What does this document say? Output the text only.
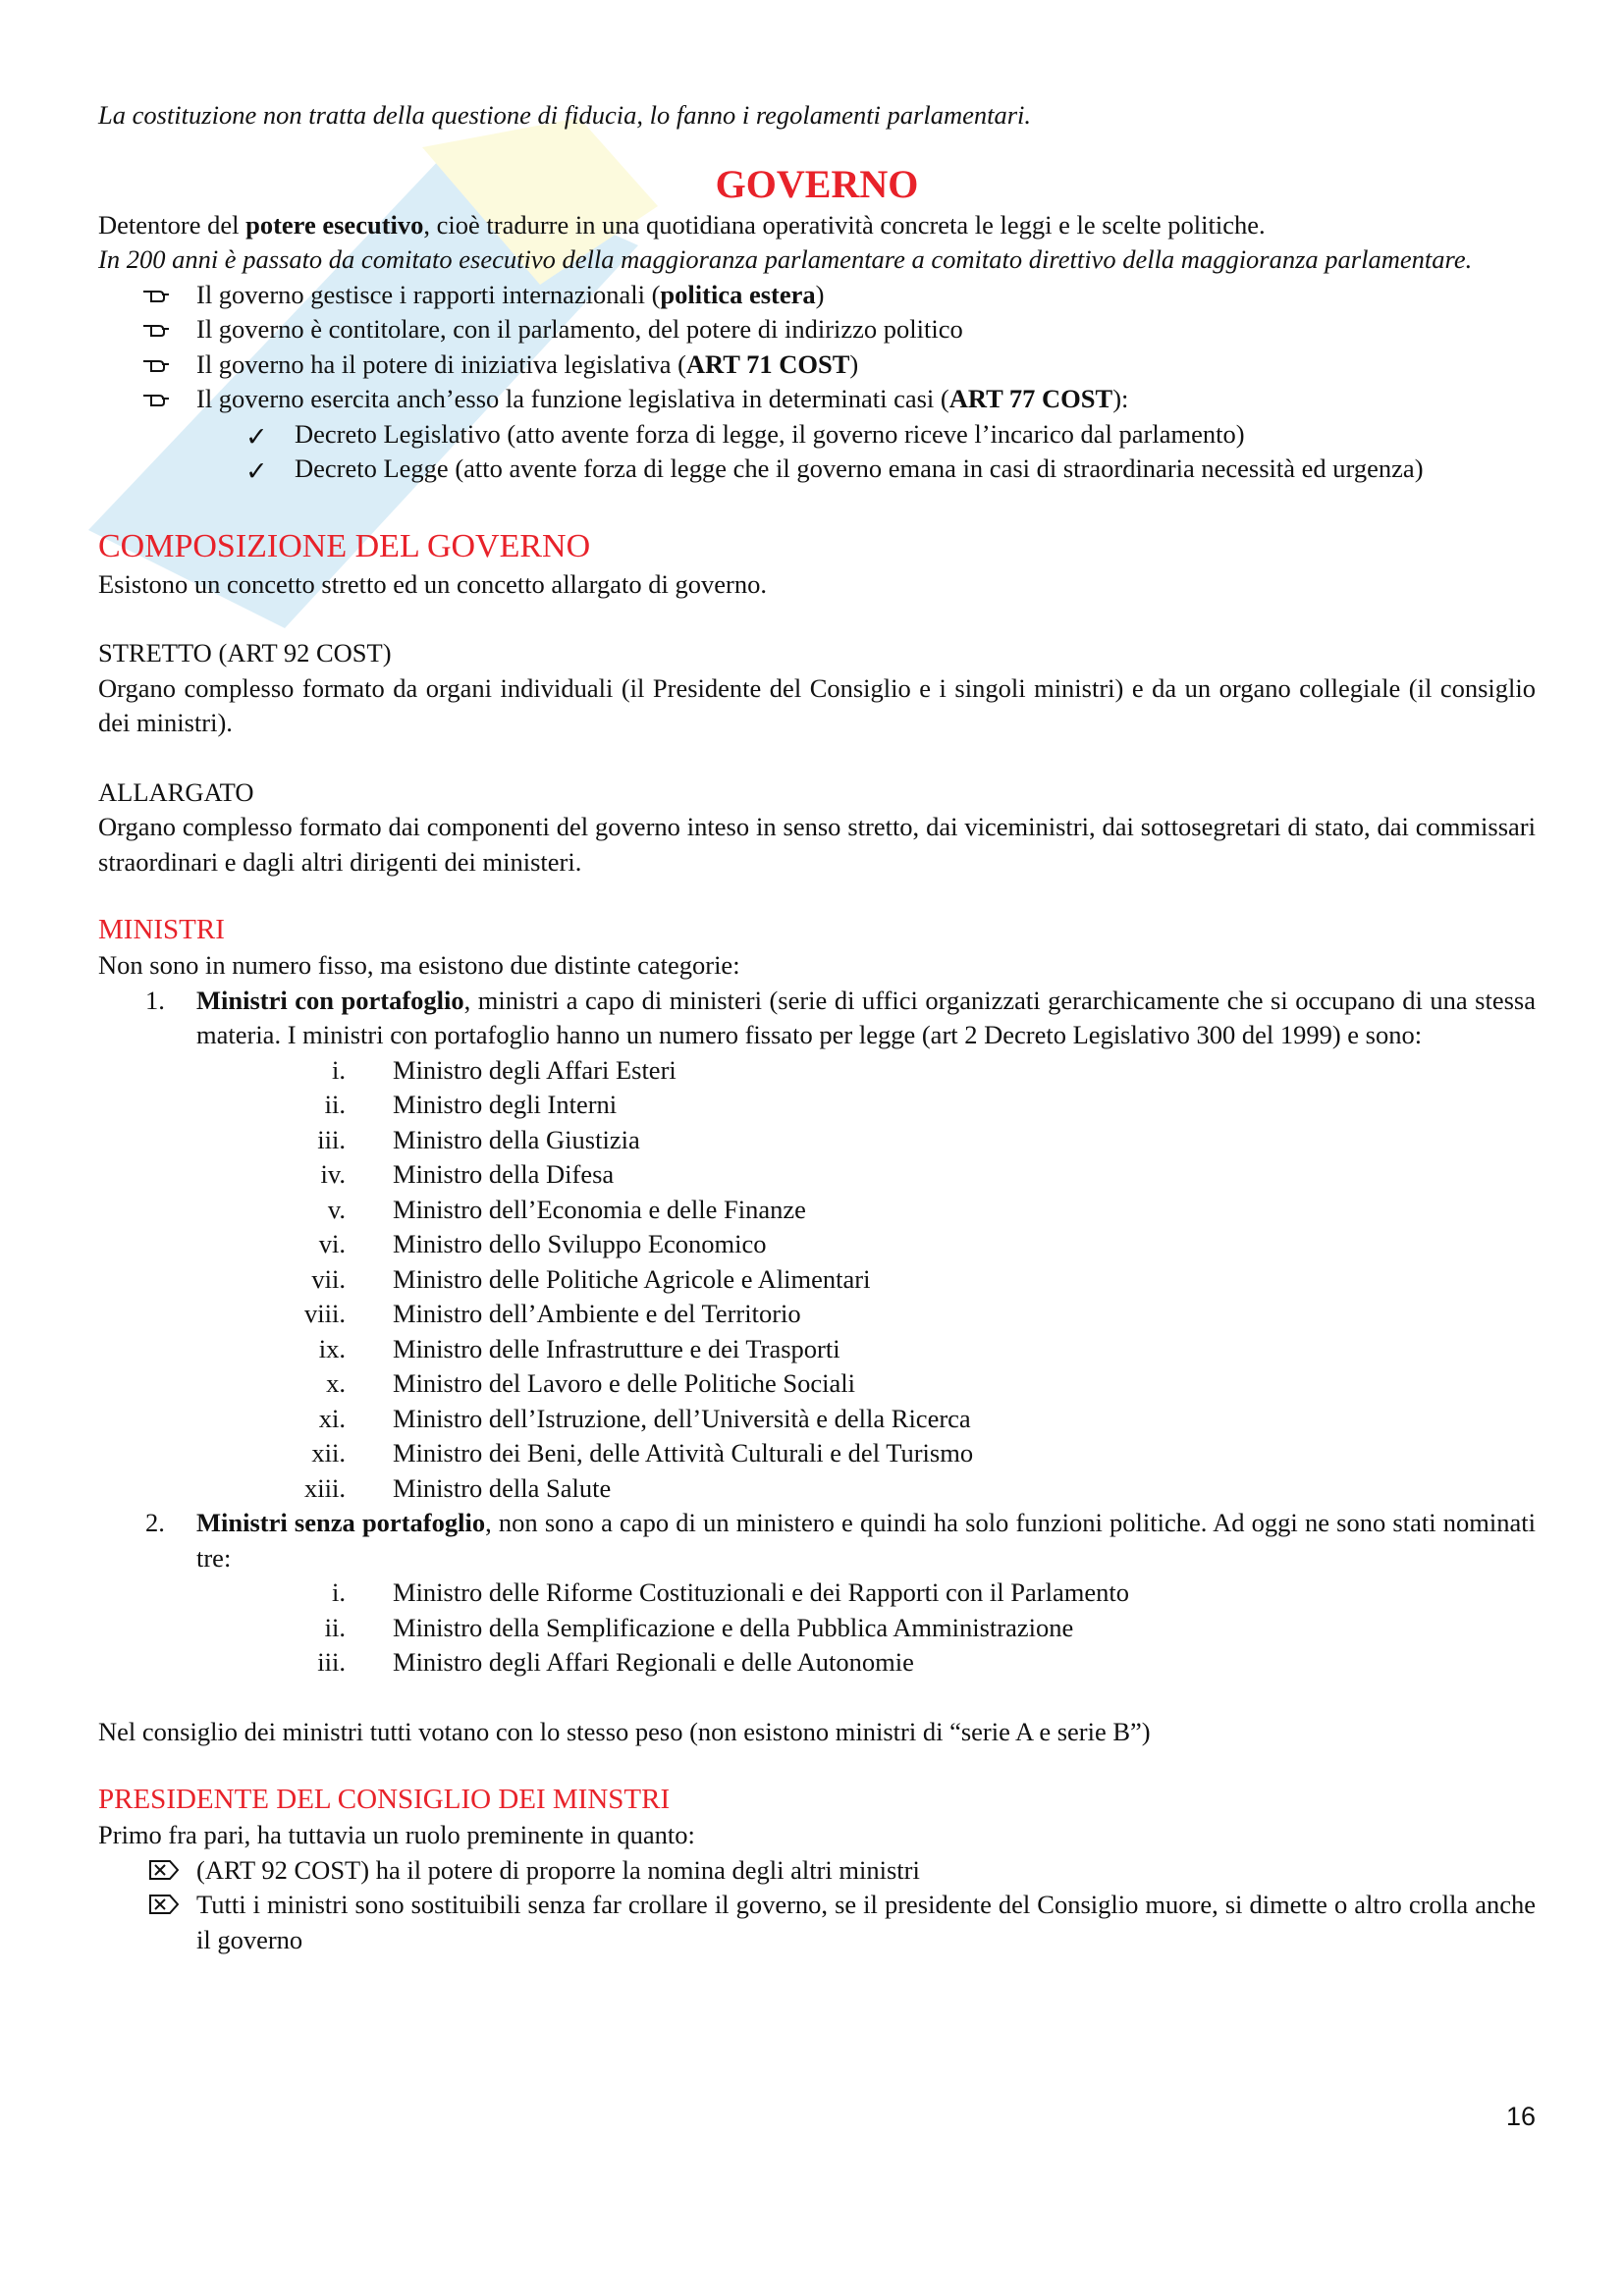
La costituzione non tratta della questione di fiducia, lo fanno i regolamenti parlamentari.

GOVERNO

Detentore del potere esecutivo, cioè tradurre in una quotidiana operatività concreta le leggi e le scelte politiche.

In 200 anni è passato da comitato esecutivo della maggioranza parlamentare a comitato direttivo della maggioranza parlamentare.

Il governo gestisce i rapporti internazionali (politica estera)
Il governo è contitolare, con il parlamento, del potere di indirizzo politico
Il governo ha il potere di iniziativa legislativa (ART 71 COST)
Il governo esercita anch’esso la funzione legislativa in determinati casi (ART 77 COST):
✓ Decreto Legislativo (atto avente forza di legge, il governo riceve l’incarico dal parlamento)
✓ Decreto Legge (atto avente forza di legge che il governo emana in casi di straordinaria necessità ed urgenza)
COMPOSIZIONE DEL GOVERNO

Esistono un concetto stretto ed un concetto allargato di governo.

STRETTO (ART 92 COST)

Organo complesso formato da organi individuali (il Presidente del Consiglio e i singoli ministri) e da un organo collegiale (il consiglio dei ministri).

ALLARGATO

Organo complesso formato dai componenti del governo inteso in senso stretto, dai viceministri, dai sottosegretari di stato, dai commissari straordinari e dagli altri dirigenti dei ministeri.

MINISTRI

Non sono in numero fisso, ma esistono due distinte categorie:

1.	Ministri con portafoglio, ministri a capo di ministeri (serie di uffici organizzati gerarchicamente che si occupano di una stessa materia. I ministri con portafoglio hanno un numero fissato per legge (art 2 Decreto Legislativo 300 del 1999) e sono:
i. Ministro degli Affari Esteri
ii. Ministro degli Interni
iii. Ministro della Giustizia
iv. Ministro della Difesa
v. Ministro dell’Economia e delle Finanze
vi. Ministro dello Sviluppo Economico
vii. Ministro delle Politiche Agricole e Alimentari
viii. Ministro dell’Ambiente e del Territorio
ix. Ministro delle Infrastrutture e dei Trasporti
x. Ministro del Lavoro e delle Politiche Sociali
xi. Ministro dell’Istruzione, dell’Università e della Ricerca
xii. Ministro dei Beni, delle Attività Culturali e del Turismo
xiii. Ministro della Salute
2.	Ministri senza portafoglio, non sono a capo di un ministero e quindi ha solo funzioni politiche. Ad oggi ne sono stati nominati tre:
i. Ministro delle Riforme Costituzionali e dei Rapporti con il Parlamento
ii. Ministro della Semplificazione e della Pubblica Amministrazione
iii. Ministro degli Affari Regionali e delle Autonomie

Nel consiglio dei ministri tutti votano con lo stesso peso (non esistono ministri di “serie A e serie B”)

PRESIDENTE DEL CONSIGLIO DEI MINSTRI

Primo fra pari, ha tuttavia un ruolo preminente in quanto:

(ART 92 COST) ha il potere di proporre la nomina degli altri ministri
Tutti i ministri sono sostituibili senza far crollare il governo, se il presidente del Consiglio muore, si dimette o altro crolla anche il governo
16
